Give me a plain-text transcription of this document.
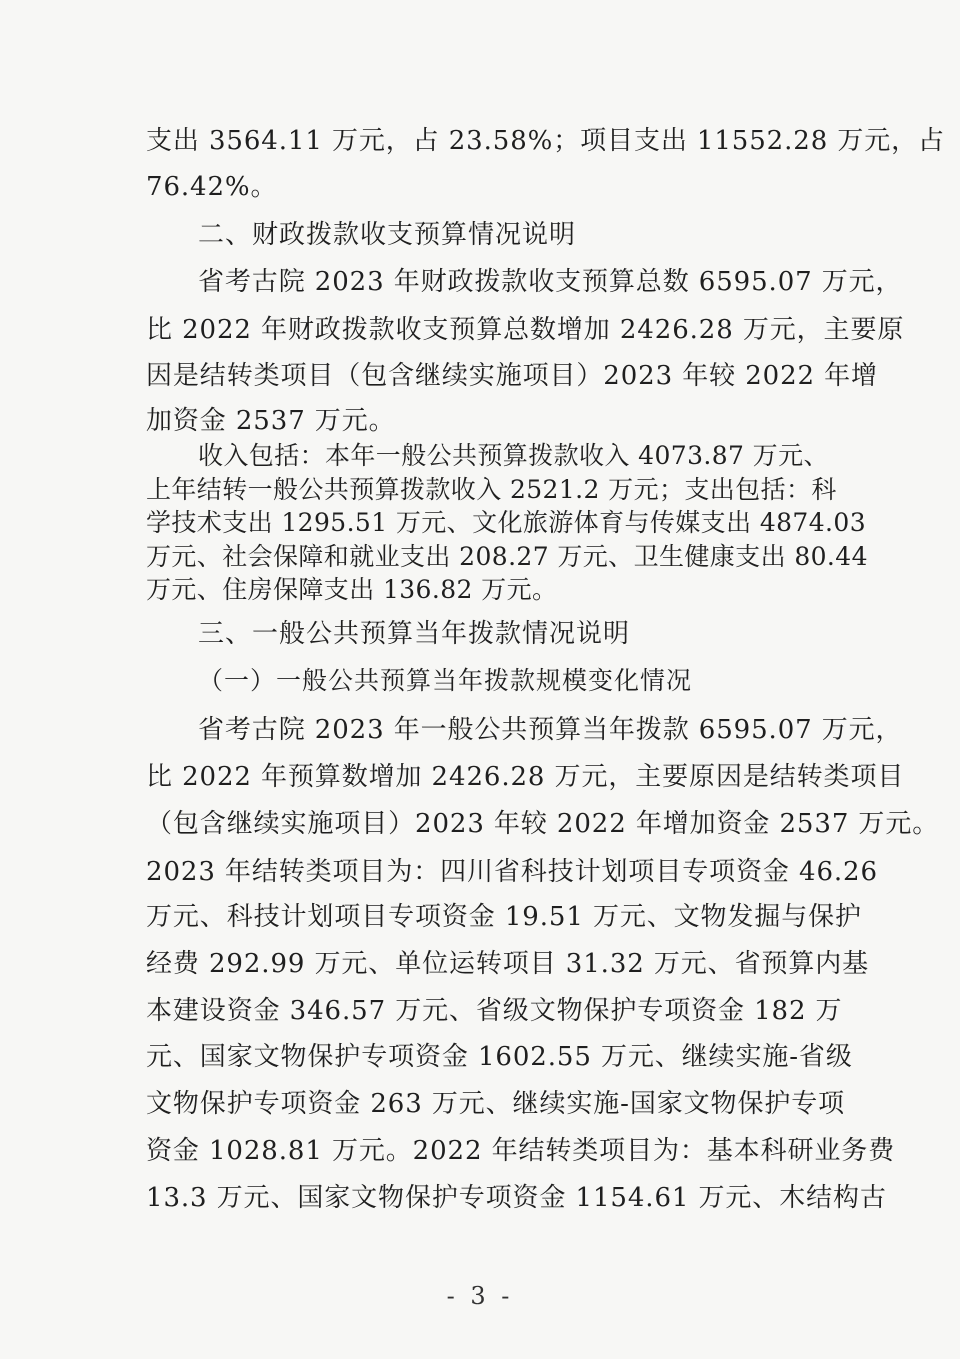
支出 3564.11 万元，占 23.58%；项目支出 11552.28 万元，占
76.42%。
二、财政拨款收支预算情况说明
省考古院 2023 年财政拨款收支预算总数 6595.07 万元，
比 2022 年财政拨款收支预算总数增加 2426.28 万元，主要原
因是结转类项目（包含继续实施项目）2023 年较 2022 年增
加资金 2537 万元。
收入包括：本年一般公共预算拨款收入 4073.87 万元、
上年结转一般公共预算拨款收入 2521.2 万元；支出包括：科
学技术支出 1295.51 万元、文化旅游体育与传媒支出 4874.03
万元、社会保障和就业支出 208.27 万元、卫生健康支出 80.44
万元、住房保障支出 136.82 万元。
三、一般公共预算当年拨款情况说明
（一）一般公共预算当年拨款规模变化情况
省考古院 2023 年一般公共预算当年拨款 6595.07 万元，
比 2022 年预算数增加 2426.28 万元，主要原因是结转类项目
（包含继续实施项目）2023 年较 2022 年增加资金 2537 万元。
2023 年结转类项目为：四川省科技计划项目专项资金 46.26
万元、科技计划项目专项资金 19.51 万元、文物发掘与保护
经费 292.99 万元、单位运转项目 31.32 万元、省预算内基
本建设资金 346.57 万元、省级文物保护专项资金 182 万
元、国家文物保护专项资金 1602.55 万元、继续实施-省级
文物保护专项资金 263 万元、继续实施-国家文物保护专项
资金 1028.81 万元。2022 年结转类项目为：基本科研业务费
13.3 万元、国家文物保护专项资金 1154.61 万元、木结构古
- 3 -
